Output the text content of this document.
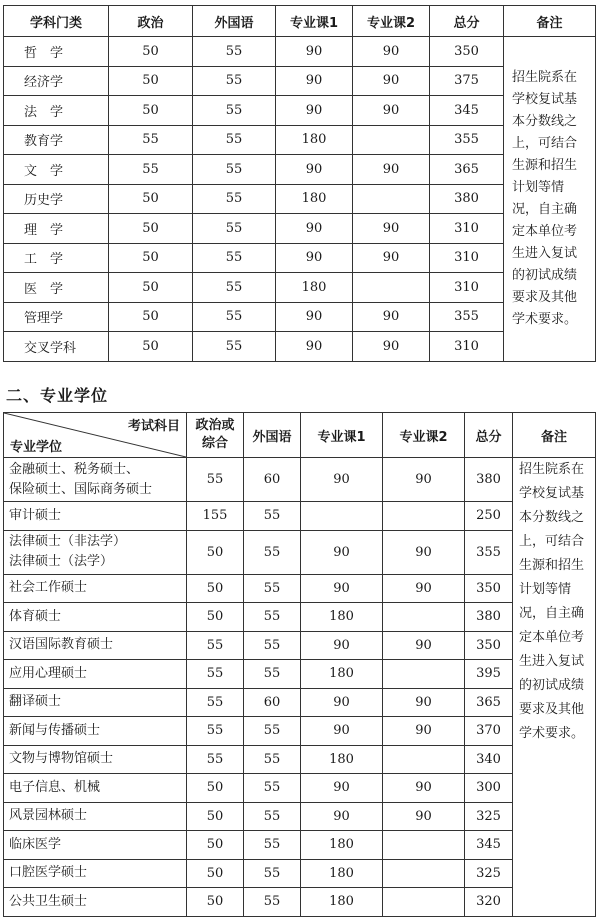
学科门类	政治	外国语	专业课1	专业课2	总分	备注
哲　学	50	55	90	90	350	招生院系在学校复试基本分数线之上，可结合生源和招生计划等情况，自主确定本单位考生进入复试的初试成绩要求及其他学术要求。
经济学	50	55	90	90	375	
法　学	50	55	90	90	345	
教育学	55	55	180		355	
文　学	55	55	90	90	365	
历史学	50	55	180		380	
理　学	50	55	90	90	310	
工　学	50	55	90	90	310	
医　学	50	55	180		310	
管理学	50	55	90	90	355	
交叉学科	50	55	90	90	310	
二、专业学位
考试科目
专业学位	政治或综合	外国语	专业课1	专业课2	总分	备注
金融硕士、税务硕士、
保险硕士、国际商务硕士	55	60	90	90	380	招生院系在学校复试基本分数线之上，可结合生源和招生计划等情况，自主确定本单位考生进入复试的初试成绩要求及其他学术要求。
审计硕士	155	55			250	
法律硕士（非法学）
法律硕士（法学）	50	55	90	90	355	
社会工作硕士	50	55	90	90	350	
体育硕士	50	55	180		380	
汉语国际教育硕士	55	55	90	90	350	
应用心理硕士	55	55	180		395	
翻译硕士	55	60	90	90	365	
新闻与传播硕士	55	55	90	90	370	
文物与博物馆硕士	55	55	180		340	
电子信息、机械	50	55	90	90	300	
风景园林硕士	50	55	90	90	325	
临床医学	50	55	180		345	
口腔医学硕士	50	55	180		325	
公共卫生硕士	50	55	180		320	
